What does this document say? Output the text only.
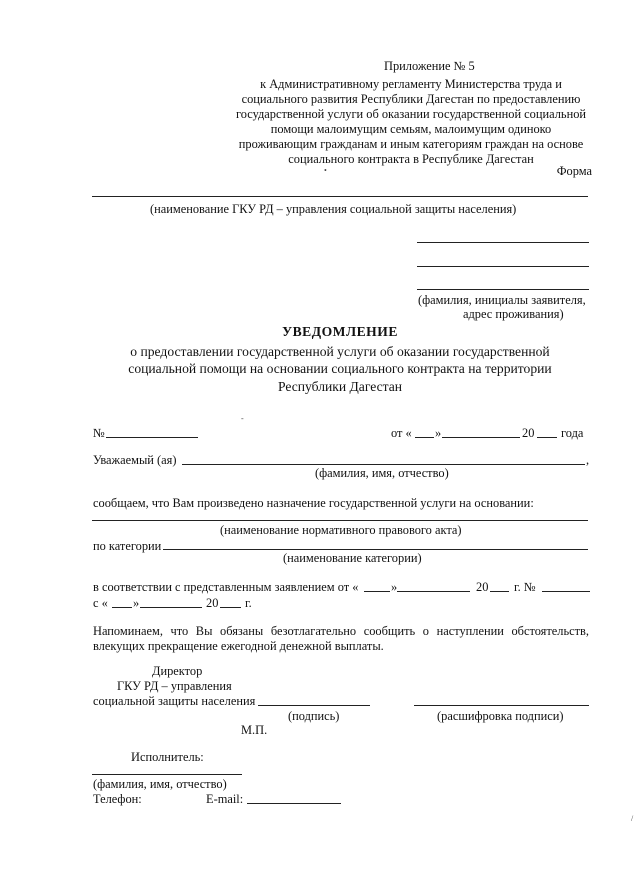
Приложение № 5
к Административному регламенту Министерства труда и социального развития Республики Дагестан по предоставлению государственной услуги об оказании государственной социальной помощи малоимущим семьям, малоимущим одиноко проживающим гражданам и иным категориям граждан на основе социального контракта в Республике Дагестан
Форма
(наименование ГКУ РД – управления социальной защиты населения)
(фамилия, инициалы заявителя,
адрес проживания)
УВЕДОМЛЕНИЕ
о предоставлении государственной услуги об оказании государственной социальной помощи на основании социального контракта на территории Республики Дагестан
№	от « »	20 года
Уважаемый (ая)	,
(фамилия, имя, отчество)
сообщаем, что Вам произведено назначение государственной услуги на основании:
(наименование нормативного правового акта)
по категории
(наименование категории)
в соответствии с представленным заявлением от «	»	20 г. №
с « »	20 г.
Напоминаем, что Вы обязаны безотлагательно сообщить о наступлении обстоятельств, влекущих прекращение ежегодной денежной выплаты.
Директор
ГКУ РД – управления
социальной защиты населения
(подпись)	(расшифровка подписи)
М.П.
Исполнитель:
(фамилия, имя, отчество)
Телефон:	E-mail:
•
-
/
